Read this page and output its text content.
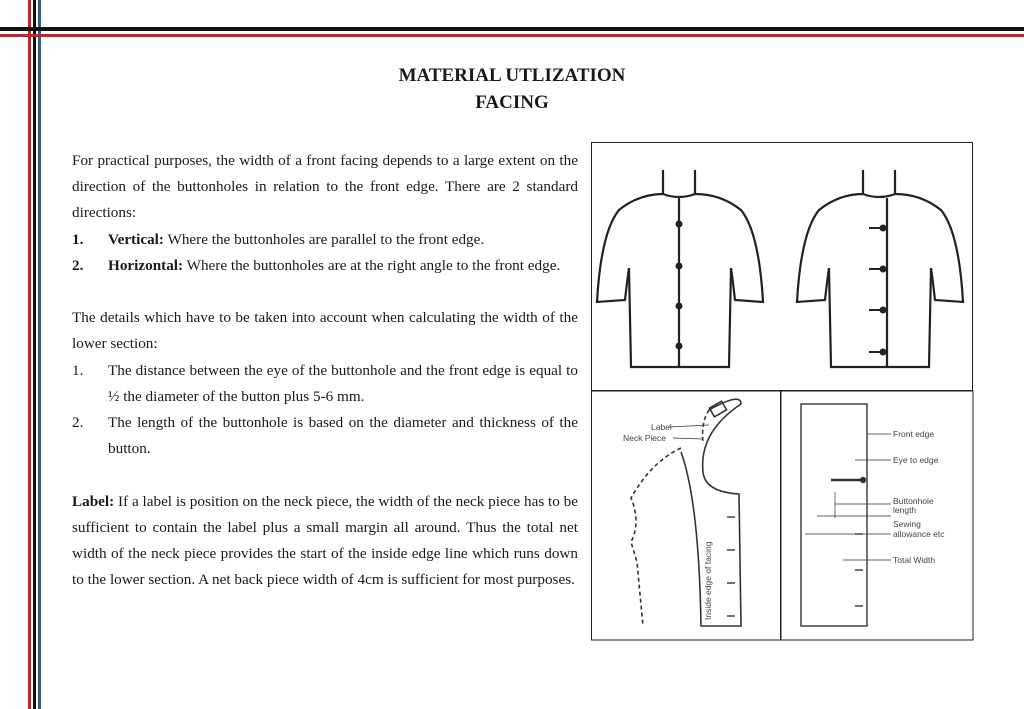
MATERIAL UTLIZATION
FACING

For practical purposes, the width of a front facing depends to a large extent on the direction of the buttonholes in relation to the front edge. There are 2 standard directions:

1.	Vertical: Where the buttonholes are parallel to the front edge.
2.	Horizontal: Where the buttonholes are at the right angle to the front edge.

The details which have to be taken into account when calculating the width of the lower section:

1.	The distance between the eye of the buttonhole and the front edge is equal to ½ the diameter of the button plus 5-6 mm.
2.	The length of the buttonhole is based on the diameter and thickness of the button.

Label: If a label is position on the neck piece, the width of the neck piece has to be sufficient to contain the label plus a small margin all around. Thus the total net width of the neck piece provides the start of the inside edge line which runs down to the lower section. A net back piece width of 4cm is sufficient for most purposes.

Label
Neck Piece
Inside edge of facing
Front edge
Eye to edge
Buttonhole
length
Sewing
allowance etc
Total Width
